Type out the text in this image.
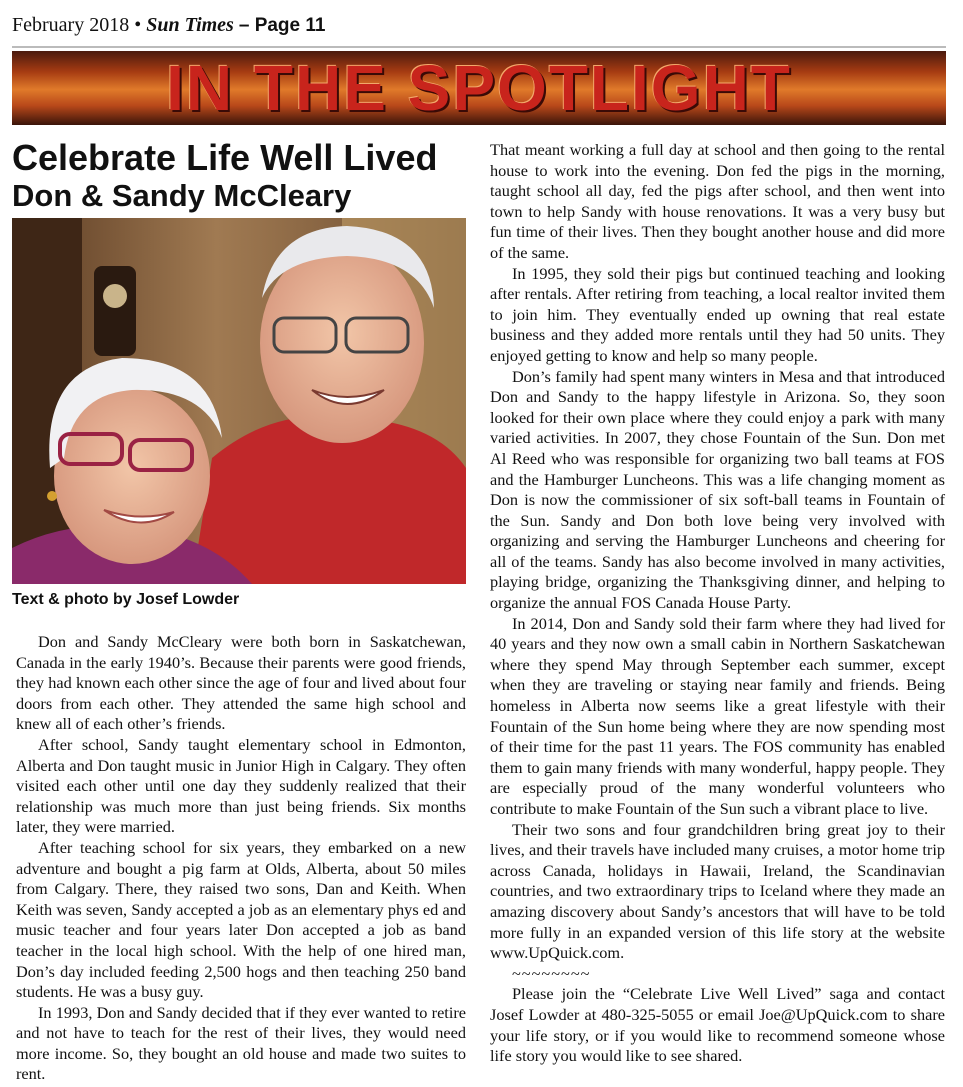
February 2018 • Sun Times – Page 11
IN THE SPOTLIGHT
Celebrate Life Well Lived
Don & Sandy McCleary
Text & photo by Josef Lowder

Don and Sandy McCleary were both born in Saskatchewan, Canada in the early 1940’s. Because their parents were good friends, they had known each other since the age of four and lived about four doors from each other. They attended the same high school and knew all of each other’s friends.

After school, Sandy taught elementary school in Edmonton, Alberta and Don taught music in Junior High in Calgary. They often visited each other until one day they suddenly realized that their relationship was much more than just being friends. Six months later, they were married.

After teaching school for six years, they embarked on a new adventure and bought a pig farm at Olds, Alberta, about 50 miles from Calgary. There, they raised two sons, Dan and Keith. When Keith was seven, Sandy accepted a job as an elementary phys ed and music teacher and four years later Don accepted a job as band teacher in the local high school. With the help of one hired man, Don’s day included feeding 2,500 hogs and then teaching 250 band students. He was a busy guy.

In 1993, Don and Sandy decided that if they ever wanted to retire and not have to teach for the rest of their lives, they would need more income. So, they bought an old house and made two suites to rent.

That meant working a full day at school and then going to the rental house to work into the evening. Don fed the pigs in the morning, taught school all day, fed the pigs after school, and then went into town to help Sandy with house renovations. It was a very busy but fun time of their lives. Then they bought another house and did more of the same.

In 1995, they sold their pigs but continued teaching and looking after rentals. After retiring from teaching, a local realtor invited them to join him. They eventually ended up owning that real estate business and they added more rentals until they had 50 units. They enjoyed getting to know and help so many people.

Don’s family had spent many winters in Mesa and that introduced Don and Sandy to the happy lifestyle in Arizona. So, they soon looked for their own place where they could enjoy a park with many varied activities. In 2007, they chose Fountain of the Sun. Don met Al Reed who was responsible for organizing two ball teams at FOS and the Hamburger Luncheons. This was a life changing moment as Don is now the commissioner of six soft-ball teams in Fountain of the Sun. Sandy and Don both love being very involved with organizing and serving the Hamburger Luncheons and cheering for all of the teams. Sandy has also become involved in many activities, playing bridge, organizing the Thanksgiving dinner, and helping to organize the annual FOS Canada House Party.

In 2014, Don and Sandy sold their farm where they had lived for 40 years and they now own a small cabin in Northern Saskatchewan where they spend May through September each summer, except when they are traveling or staying near family and friends. Being homeless in Alberta now seems like a great lifestyle with their Fountain of the Sun home being where they are now spending most of their time for the past 11 years. The FOS community has enabled them to gain many friends with many wonderful, happy people. They are especially proud of the many wonderful volunteers who contribute to make Fountain of the Sun such a vibrant place to live.

Their two sons and four grandchildren bring great joy to their lives, and their travels have included many cruises, a motor home trip across Canada, holidays in Hawaii, Ireland, the Scandinavian countries, and two extraordinary trips to Iceland where they made an amazing discovery about Sandy’s ancestors that will have to be told more fully in an expanded version of this life story at the website www.UpQuick.com.

~~~~~~~~

Please join the “Celebrate Live Well Lived” saga and contact Josef Lowder at 480-325-5055 or email Joe@UpQuick.com to share your life story, or if you would like to recommend someone whose life story you would like to see shared.
